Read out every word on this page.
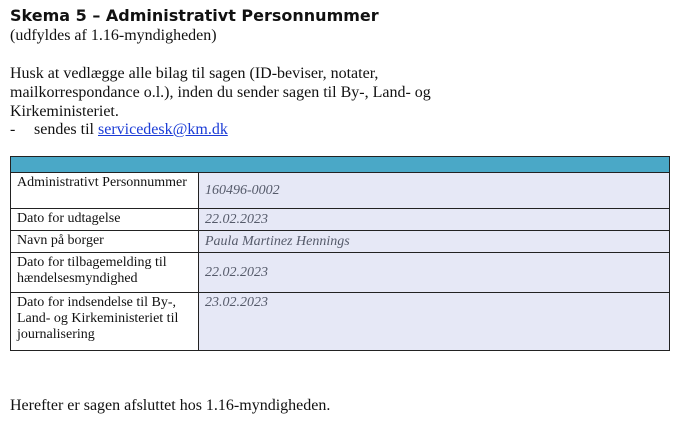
Skema 5 – Administrativt Personnummer
(udfyldes af 1.16-myndigheden)
Husk at vedlægge alle bilag til sagen (ID-beviser, notater, mailkorrespondance o.l.), inden du sender sagen til By-, Land- og Kirkeministeriet.
- sendes til servicedesk@km.dk

Administrativt Personnummer	160496-0002
Dato for udtagelse	22.02.2023
Navn på borger	Paula Martinez Hennings
Dato for tilbagemelding til hændelsesmyndighed	22.02.2023
Dato for indsendelse til By-, Land- og Kirkeministeriet til journalisering	23.02.2023
Herefter er sagen afsluttet hos 1.16-myndigheden.
